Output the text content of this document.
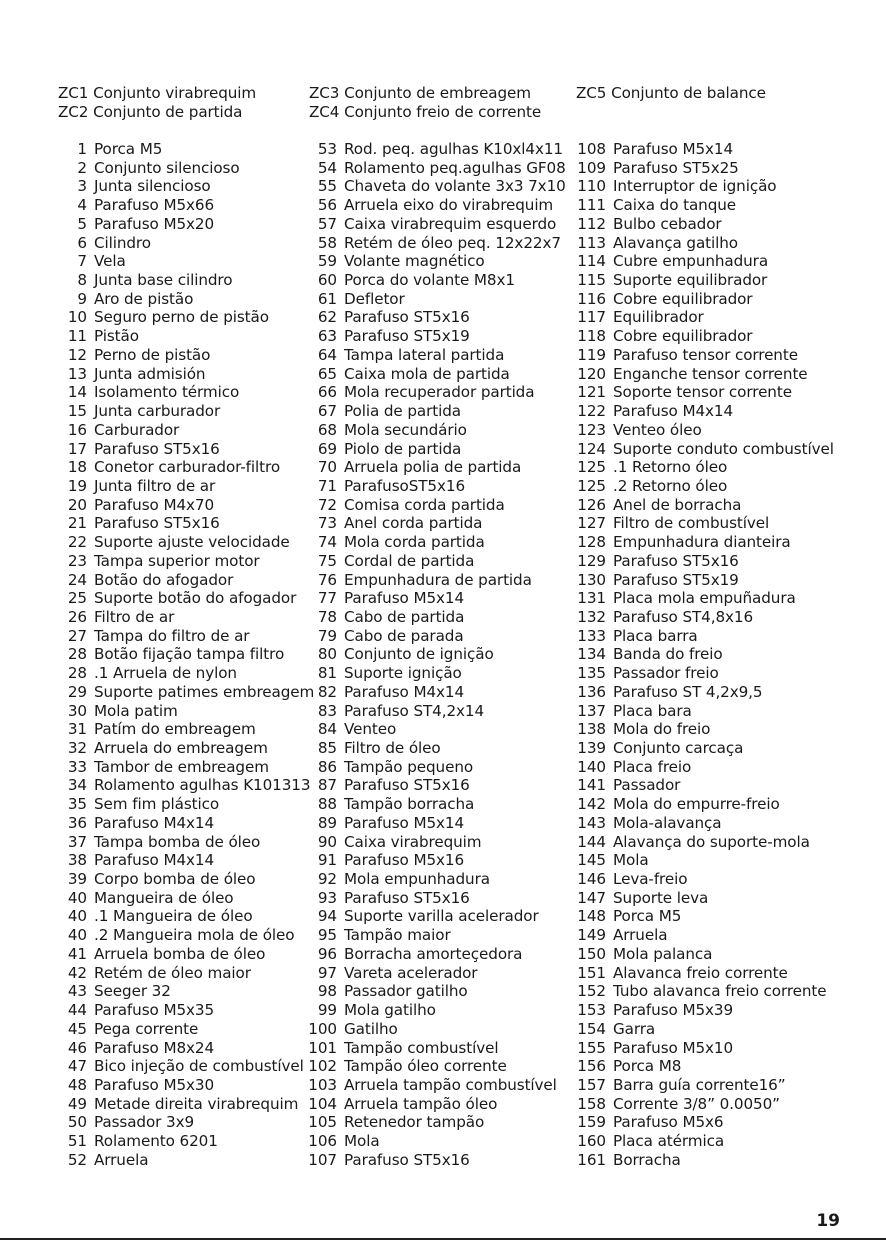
ZC1 Conjunto virabrequim
ZC2 Conjunto de partida
ZC3 Conjunto de embreagem
ZC4 Conjunto freio de corrente
ZC5 Conjunto de balance
1 Porca M5
2 Conjunto silencioso
3 Junta silencioso
4 Parafuso M5x66
5 Parafuso M5x20
6 Cilindro
7 Vela
8 Junta base cilindro
9 Aro de pistão
10 Seguro perno de pistão
11 Pistão
12 Perno de pistão
13 Junta admisión
14 Isolamento térmico
15 Junta carburador
16 Carburador
17 Parafuso ST5x16
18 Conetor carburador-filtro
19 Junta filtro de ar
20 Parafuso M4x70
21 Parafuso ST5x16
22 Suporte ajuste velocidade
23 Tampa superior motor
24 Botão do afogador
25 Suporte botão do afogador
26 Filtro de ar
27 Tampa do filtro de ar
28 Botão fijação tampa filtro
28 .1 Arruela de nylon
29 Suporte patimes embreagem
30 Mola patim
31 Patím do embreagem
32 Arruela do embreagem
33 Tambor de embreagem
34 Rolamento agulhas K101313
35 Sem fim plástico
36 Parafuso M4x14
37 Tampa bomba de óleo
38 Parafuso M4x14
39 Corpo bomba de óleo
40 Mangueira de óleo
40 .1 Mangueira de óleo
40 .2 Mangueira mola de óleo
41 Arruela bomba de óleo
42 Retém de óleo maior
43 Seeger 32
44 Parafuso M5x35
45 Pega corrente
46 Parafuso M8x24
47 Bico injeção de combustível
48 Parafuso M5x30
49 Metade direita virabrequim
50 Passador 3x9
51 Rolamento 6201
52 Arruela
53 Rod. peq. agulhas K10xl4x11
54 Rolamento peq.agulhas GF08
55 Chaveta do volante 3x3 7x10
56 Arruela eixo do virabrequim
57 Caixa virabrequim esquerdo
58 Retém de óleo peq. 12x22x7
59 Volante magnético
60 Porca do volante M8x1
61 Defletor
62 Parafuso ST5x16
63 Parafuso ST5x19
64 Tampa lateral partida
65 Caixa mola de partida
66 Mola recuperador partida
67 Polia de partida
68 Mola secundário
69 Piolo de partida
70 Arruela polia de partida
71 ParafusoST5x16
72 Comisa corda partida
73 Anel corda partida
74 Mola corda partida
75 Cordal de partida
76 Empunhadura de partida
77 Parafuso M5x14
78 Cabo de partida
79 Cabo de parada
80 Conjunto de ignição
81 Suporte ignição
82 Parafuso M4x14
83 Parafuso ST4,2x14
84 Venteo
85 Filtro de óleo
86 Tampão pequeno
87 Parafuso ST5x16
88 Tampão borracha
89 Parafuso M5x14
90 Caixa virabrequim
91 Parafuso M5x16
92 Mola empunhadura
93 Parafuso ST5x16
94 Suporte varilla acelerador
95 Tampão maior
96 Borracha amorteçedora
97 Vareta acelerador
98 Passador gatilho
99 Mola gatilho
100 Gatilho
101 Tampão combustível
102 Tampão óleo corrente
103 Arruela tampão combustível
104 Arruela tampão óleo
105 Retenedor tampão
106 Mola
107 Parafuso ST5x16
108 Parafuso M5x14
109 Parafuso ST5x25
110 Interruptor de ignição
111 Caixa do tanque
112 Bulbo cebador
113 Alavança gatilho
114 Cubre empunhadura
115 Suporte equilibrador
116 Cobre equilibrador
117 Equilibrador
118 Cobre equilibrador
119 Parafuso tensor corrente
120 Enganche tensor corrente
121 Soporte tensor corrente
122 Parafuso M4x14
123 Venteo óleo
124 Suporte conduto combustível
125 .1 Retorno óleo
125 .2 Retorno óleo
126 Anel de borracha
127 Filtro de combustível
128 Empunhadura dianteira
129 Parafuso ST5x16
130 Parafuso ST5x19
131 Placa mola empuñadura
132 Parafuso ST4,8x16
133 Placa barra
134 Banda do freio
135 Passador freio
136 Parafuso ST 4,2x9,5
137 Placa bara
138 Mola do freio
139 Conjunto carcaça
140 Placa freio
141 Passador
142 Mola do empurre-freio
143 Mola-alavança
144 Alavança do suporte-mola
145 Mola
146 Leva-freio
147 Suporte leva
148 Porca M5
149 Arruela
150 Mola palanca
151 Alavanca freio corrente
152 Tubo alavanca freio corrente
153 Parafuso M5x39
154 Garra
155 Parafuso M5x10
156 Porca M8
157 Barra guía corrente16”
158 Corrente 3/8” 0.0050”
159 Parafuso M5x6
160 Placa atérmica
161 Borracha
19
